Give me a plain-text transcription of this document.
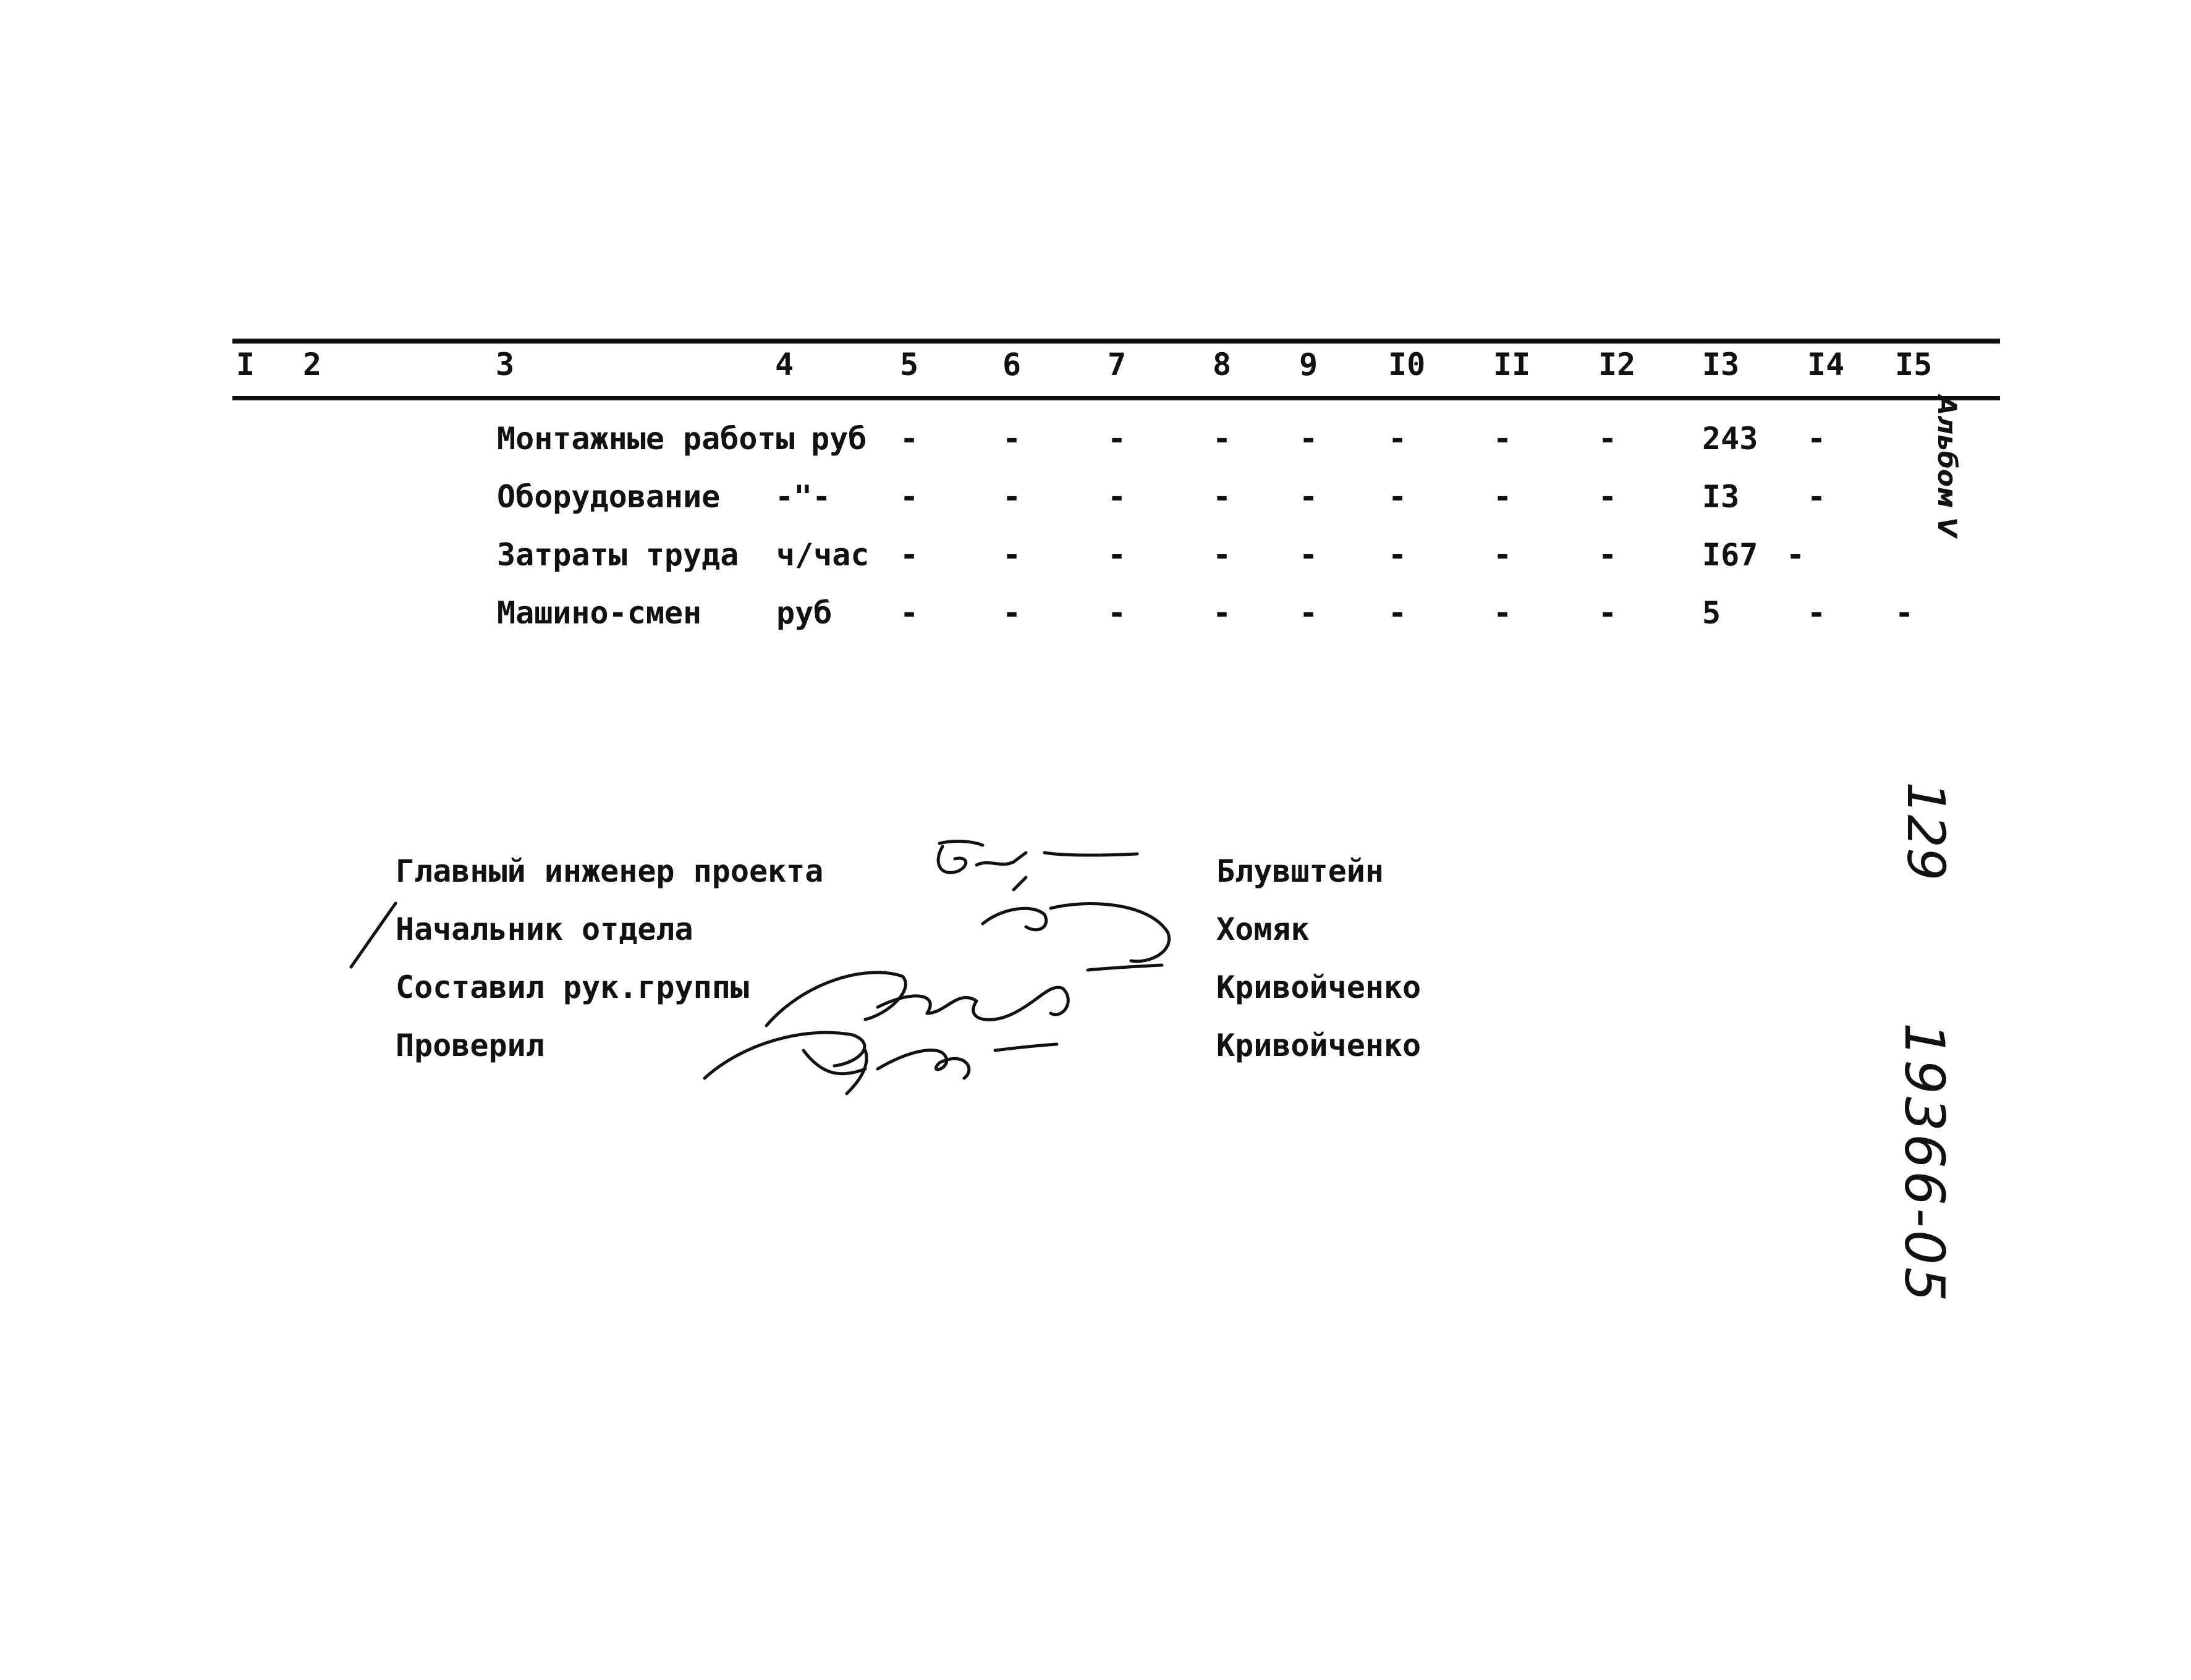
I 2	3	4	5	6	7	8 9 I0 II I2 I3 I4 I5
Монтажные работы руб -	-	-	- - -	-	-	243 -
Оборудование -"- -	-	-	- - -	-	-	I3 -
Затраты труда ч/час -	-	-	- - -	-	-	I67 -
Машино-смен руб -	-	-	- - -	-	-	5	- -
Главный инженер проекта	Блувштейн
Начальник отдела	Хомяк
Составил рук.группы	Кривойченко
Проверил	Кривойченко
Альбом V
129
19366-05
